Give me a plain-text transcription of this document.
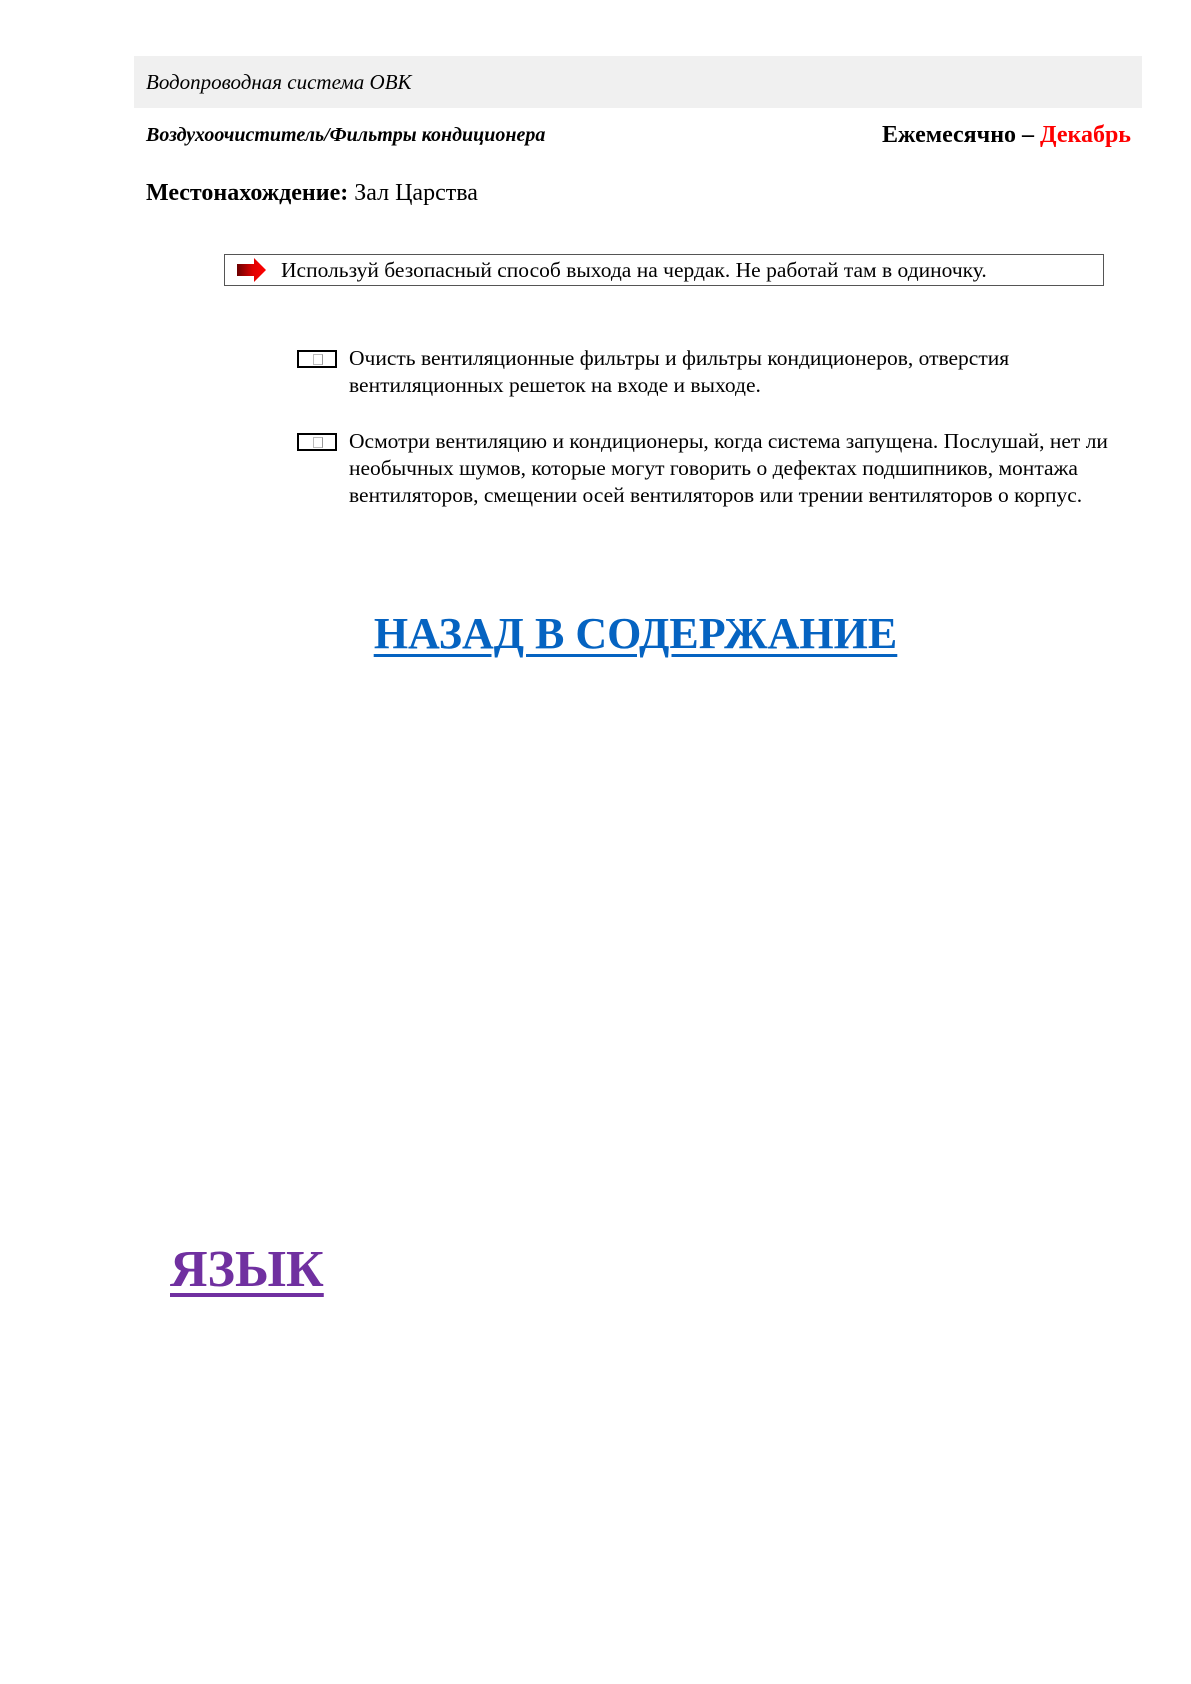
Водопроводная система ОВК
Воздухоочиститель/Фильтры кондиционера	Ежемесячно – Декабрь
Местонахождение: Зал Царства
Используй безопасный способ выхода на чердак. Не работай там в одиночку.
Очисть вентиляционные фильтры и фильтры кондиционеров, отверстия вентиляционных решеток на входе и выходе.
Осмотри вентиляцию и кондиционеры, когда система запущена. Послушай, нет ли необычных шумов, которые могут говорить о дефектах подшипников, монтажа вентиляторов, смещении осей вентиляторов или трении вентиляторов о корпус.
НАЗАД В СОДЕРЖАНИЕ
ЯЗЫК
